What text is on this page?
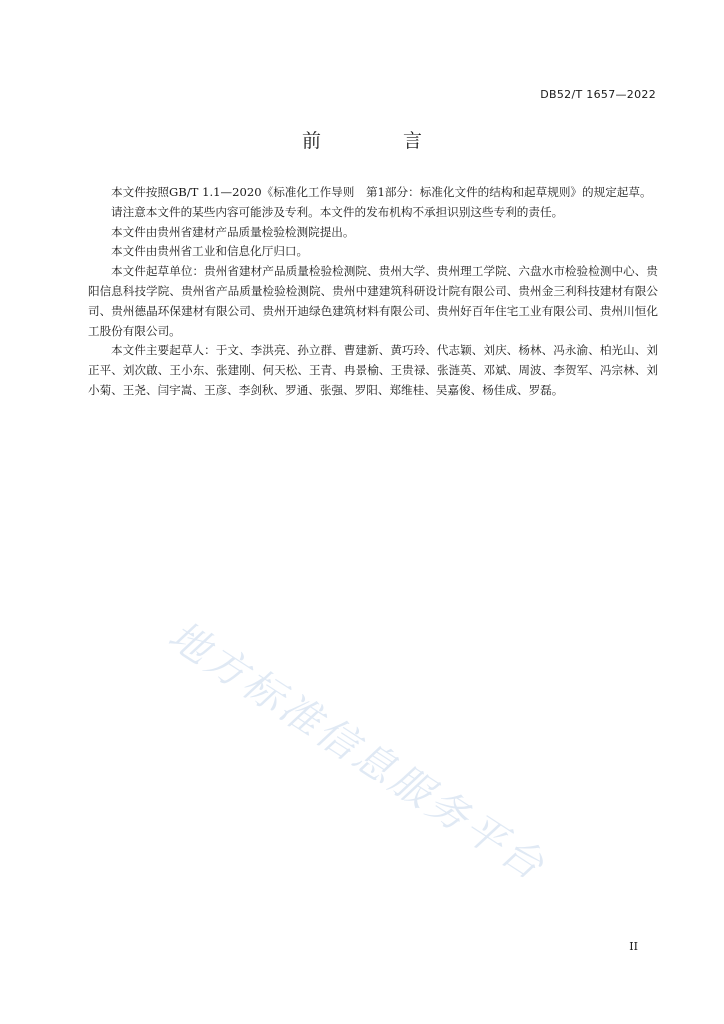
DB52/T 1657—2022
前 言

本文件按照GB/T 1.1—2020《标准化工作导则　第1部分：标准化文件的结构和起草规则》的规定起草。

请注意本文件的某些内容可能涉及专利。本文件的发布机构不承担识别这些专利的责任。

本文件由贵州省建材产品质量检验检测院提出。

本文件由贵州省工业和信息化厅归口。

本文件起草单位：贵州省建材产品质量检验检测院、贵州大学、贵州理工学院、六盘水市检验检测中心、贵阳信息科技学院、贵州省产品质量检验检测院、贵州中建建筑科研设计院有限公司、贵州金三利科技建材有限公司、贵州德晶环保建材有限公司、贵州开迪绿色建筑材料有限公司、贵州好百年住宅工业有限公司、贵州川恒化工股份有限公司。

本文件主要起草人：于文、李洪亮、孙立群、曹建新、黄巧玲、代志颖、刘庆、杨林、冯永渝、柏光山、刘正平、刘次啟、王小东、张建刚、何天松、王青、冉景榆、王贵禄、张涟英、邓斌、周波、李贺军、冯宗林、刘小菊、王尧、闫宇嵩、王彦、李剑秋、罗通、张强、罗阳、郑维桂、吴嘉俊、杨佳成、罗磊。

地方标准信息服务平台
II
